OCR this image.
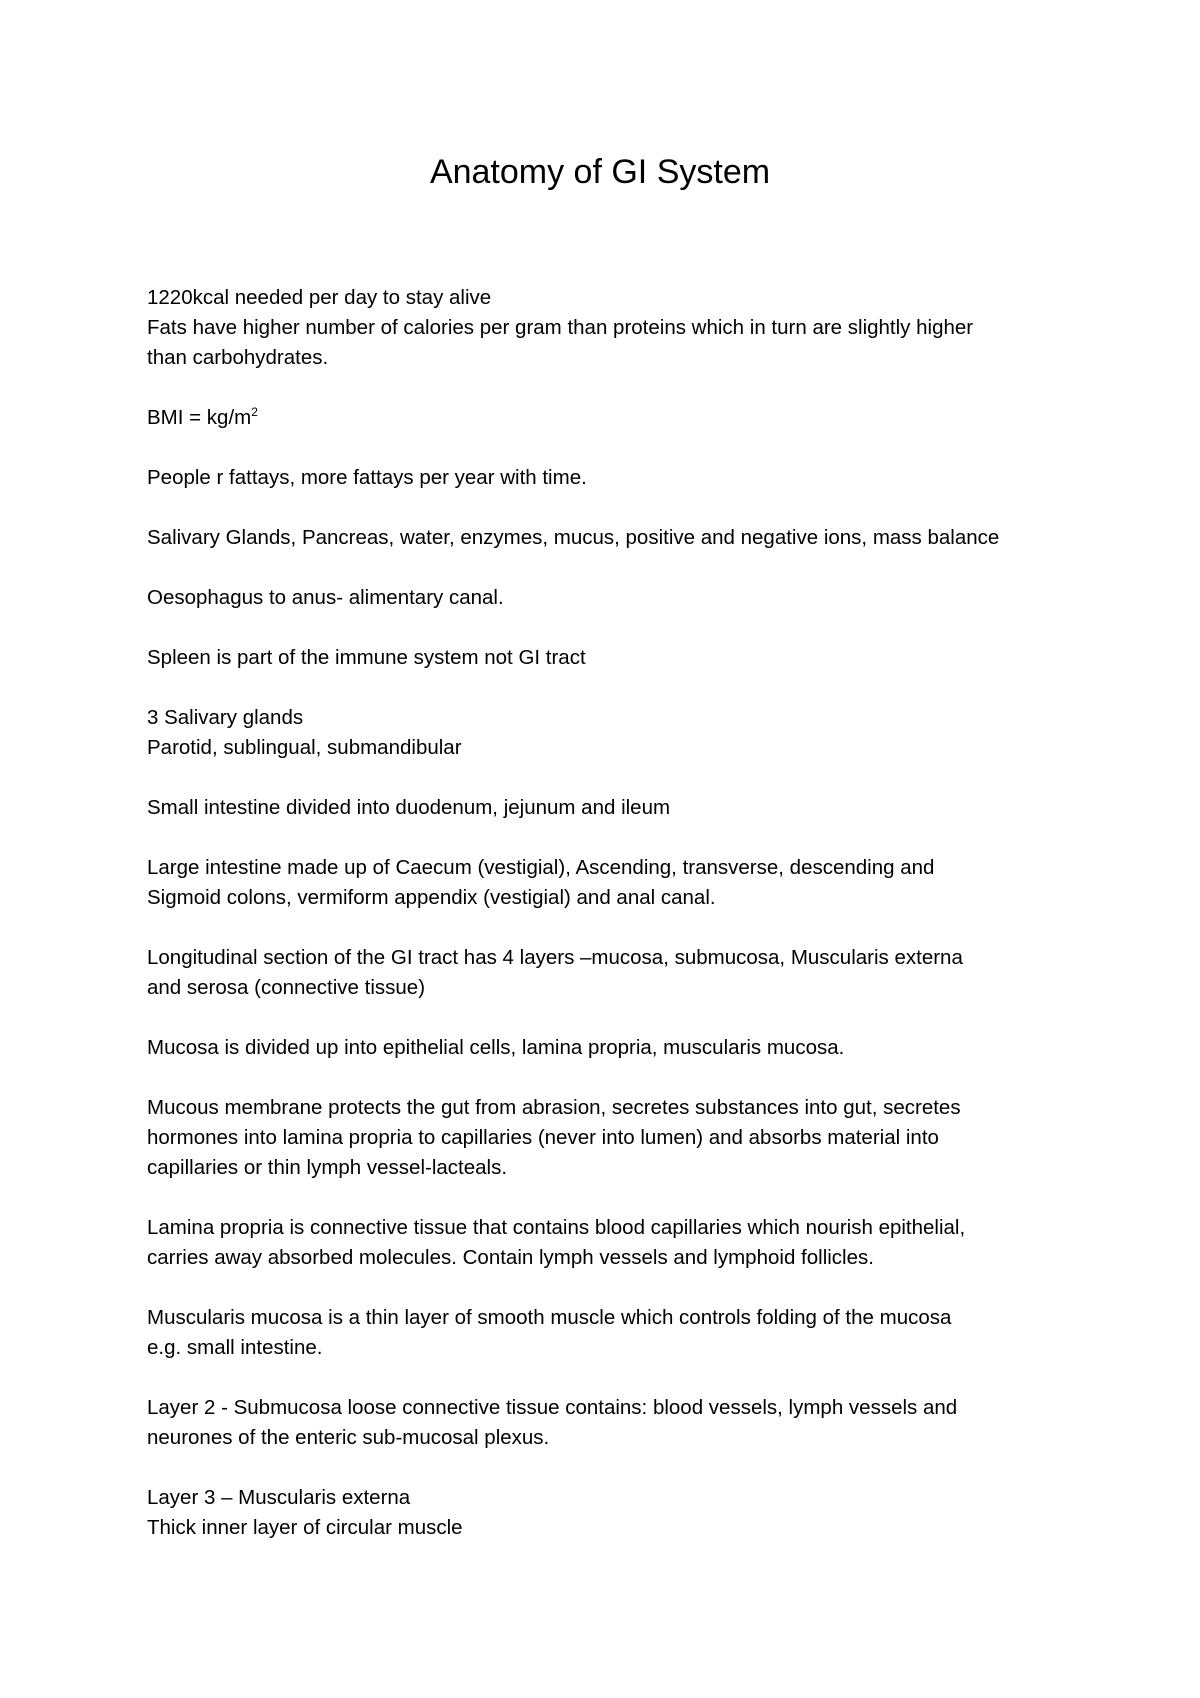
Anatomy of GI System

1220kcal needed per day to stay alive
Fats have higher number of calories per gram than proteins which in turn are slightly higher
than carbohydrates.

BMI = $kg/m^2$

People r fattays, more fattays per year with time.

Salivary Glands, Pancreas, water, enzymes, mucus, positive and negative ions, mass balance

Oesophagus to anus- alimentary canal.

Spleen is part of the immune system not GI tract

3 Salivary glands
Parotid, sublingual, submandibular

Small intestine divided into duodenum, jejunum and ileum

Large intestine made up of Caecum (vestigial), Ascending, transverse, descending and
Sigmoid colons, vermiform appendix (vestigial) and anal canal.

Longitudinal section of the GI tract has 4 layers –mucosa, submucosa, Muscularis externa
and serosa (connective tissue)

Mucosa is divided up into epithelial cells, lamina propria, muscularis mucosa.

Mucous membrane protects the gut from abrasion, secretes substances into gut, secretes
hormones into lamina propria to capillaries (never into lumen) and absorbs material into
capillaries or thin lymph vessel-lacteals.

Lamina propria is connective tissue that contains blood capillaries which nourish epithelial,
carries away absorbed molecules. Contain lymph vessels and lymphoid follicles.

Muscularis mucosa is a thin layer of smooth muscle which controls folding of the mucosa
e.g. small intestine.

Layer 2 - Submucosa loose connective tissue contains: blood vessels, lymph vessels and
neurones of the enteric sub-mucosal plexus.

Layer 3 – Muscularis externa
Thick inner layer of circular muscle
